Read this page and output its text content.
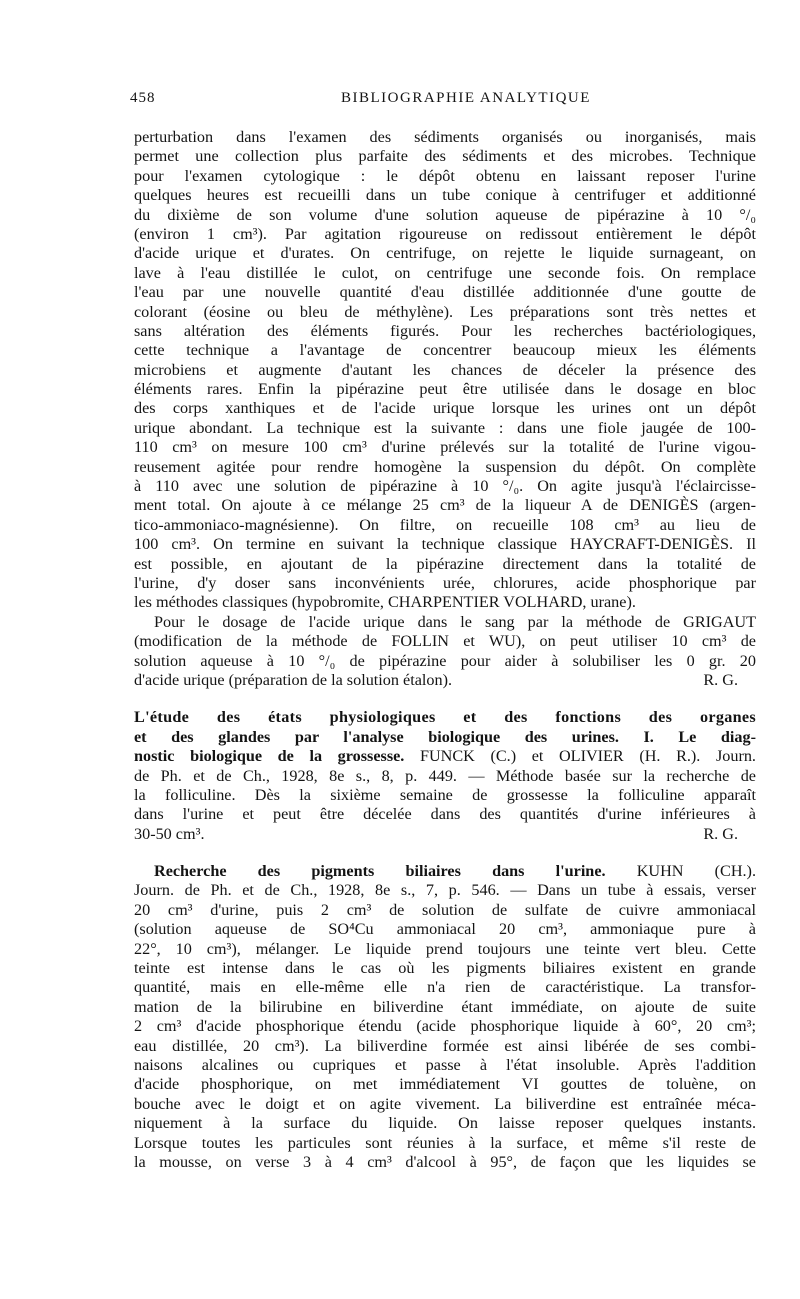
458	BIBLIOGRAPHIE ANALYTIQUE
perturbation dans l'examen des sédiments organisés ou inorganisés, mais
permet une collection plus parfaite des sédiments et des microbes. Technique
pour l'examen cytologique : le dépôt obtenu en laissant reposer l'urine
quelques heures est recueilli dans un tube conique à centrifuger et additionné
du dixième de son volume d'une solution aqueuse de pipérazine à 10 °/₀
(environ 1 cm³). Par agitation rigoureuse on redissout entièrement le dépôt
d'acide urique et d'urates. On centrifuge, on rejette le liquide surnageant, on
lave à l'eau distillée le culot, on centrifuge une seconde fois. On remplace
l'eau par une nouvelle quantité d'eau distillée additionnée d'une goutte de
colorant (éosine ou bleu de méthylène). Les préparations sont très nettes et
sans altération des éléments figurés. Pour les recherches bactériologiques,
cette technique a l'avantage de concentrer beaucoup mieux les éléments
microbiens et augmente d'autant les chances de déceler la présence des
éléments rares. Enfin la pipérazine peut être utilisée dans le dosage en bloc
des corps xanthiques et de l'acide urique lorsque les urines ont un dépôt
urique abondant. La technique est la suivante : dans une fiole jaugée de 100-
110 cm³ on mesure 100 cm³ d'urine prélevés sur la totalité de l'urine vigou-
reusement agitée pour rendre homogène la suspension du dépôt. On complète
à 110 avec une solution de pipérazine à 10 °/₀. On agite jusqu'à l'éclaircisse-
ment total. On ajoute à ce mélange 25 cm³ de la liqueur A de DENIGÈS (argen-
tico-ammoniaco-magnésienne). On filtre, on recueille 108 cm³ au lieu de
100 cm³. On termine en suivant la technique classique HAYCRAFT-DENIGÈS. Il
est possible, en ajoutant de la pipérazine directement dans la totalité de
l'urine, d'y doser sans inconvénients urée, chlorures, acide phosphorique par
les méthodes classiques (hypobromite, CHARPENTIER VOLHARD, urane).
Pour le dosage de l'acide urique dans le sang par la méthode de GRIGAUT
(modification de la méthode de FOLLIN et WU), on peut utiliser 10 cm³ de
solution aqueuse à 10 °/₀ de pipérazine pour aider à solubiliser les 0 gr. 20
d'acide urique (préparation de la solution étalon).	R. G.
L'étude des états physiologiques et des fonctions des organes
et des glandes par l'analyse biologique des urines. I. Le diag-
nostic biologique de la grossesse. FUNCK (C.) et OLIVIER (H. R.). Journ.
de Ph. et de Ch., 1928, 8e s., 8, p. 449. — Méthode basée sur la recherche de
la folliculine. Dès la sixième semaine de grossesse la folliculine apparaît
dans l'urine et peut être décelée dans des quantités d'urine inférieures à
30-50 cm³.	R. G.
Recherche des pigments biliaires dans l'urine. KUHN (CH.).
Journ. de Ph. et de Ch., 1928, 8e s., 7, p. 546. — Dans un tube à essais, verser
20 cm³ d'urine, puis 2 cm³ de solution de sulfate de cuivre ammoniacal
(solution aqueuse de SO⁴Cu ammoniacal 20 cm³, ammoniaque pure à
22°, 10 cm³), mélanger. Le liquide prend toujours une teinte vert bleu. Cette
teinte est intense dans le cas où les pigments biliaires existent en grande
quantité, mais en elle-même elle n'a rien de caractéristique. La transfor-
mation de la bilirubine en biliverdine étant immédiate, on ajoute de suite
2 cm³ d'acide phosphorique étendu (acide phosphorique liquide à 60°, 20 cm³;
eau distillée, 20 cm³). La biliverdine formée est ainsi libérée de ses combi-
naisons alcalines ou cupriques et passe à l'état insoluble. Après l'addition
d'acide phosphorique, on met immédiatement VI gouttes de toluène, on
bouche avec le doigt et on agite vivement. La biliverdine est entraînée méca-
niquement à la surface du liquide. On laisse reposer quelques instants.
Lorsque toutes les particules sont réunies à la surface, et même s'il reste de
la mousse, on verse 3 à 4 cm³ d'alcool à 95°, de façon que les liquides se
